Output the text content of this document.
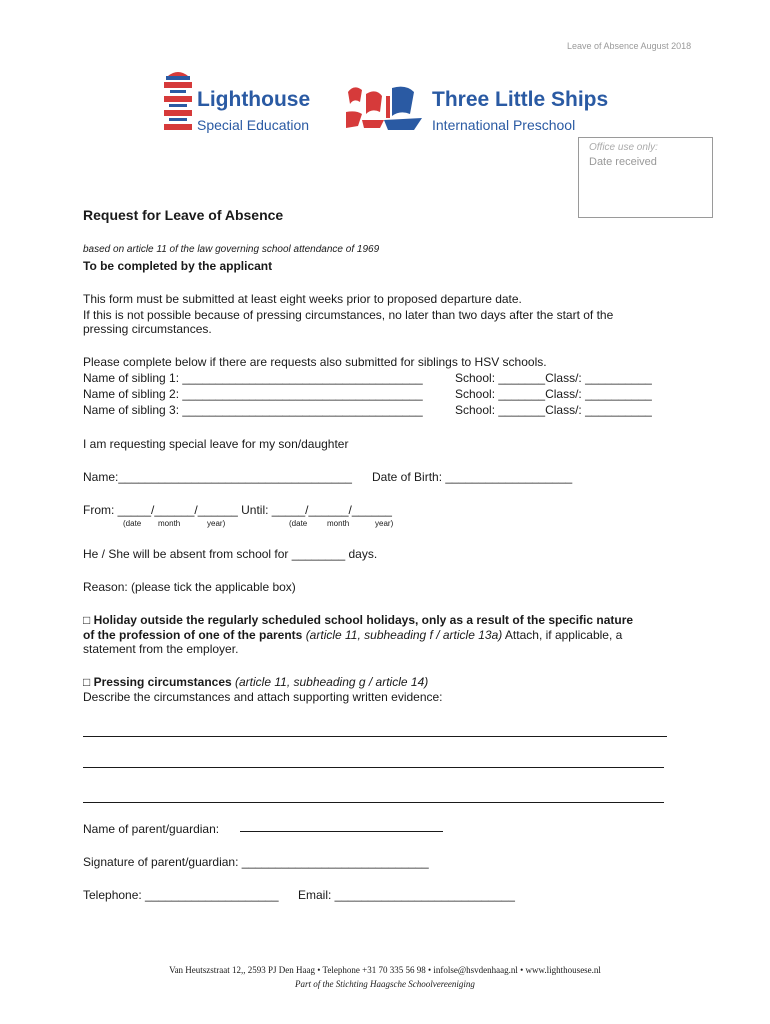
Leave of Absence August 2018
Lighthouse
Special Education
Three Little Ships
International Preschool
Office use only:
Date received
Request for Leave of Absence
based on article 11 of the law governing school attendance of 1969
To be completed by the applicant
This form must be submitted at least eight weeks prior to proposed departure date.
If this is not possible because of pressing circumstances, no later than two days after the start of the
pressing circumstances.
Please complete below if there are requests also submitted for siblings to HSV schools.
Name of sibling 1: ____________________________________	School: _______Class/: __________
Name of sibling 2: ____________________________________	School: _______Class/: __________
Name of sibling 3: ____________________________________	School: _______Class/: __________
I am requesting special leave for my son/daughter
Name:___________________________________ Date of Birth: ___________________
From: _____/______/______ Until: _____/______/______
(date month	year)	(date month	year)
He / She will be absent from school for ________ days.
Reason: (please tick the applicable box)
□ Holiday outside the regularly scheduled school holidays, only as a result of the specific nature
of the profession of one of the parents (article 11, subheading f / article 13a) Attach, if applicable, a
statement from the employer.
□ Pressing circumstances (article 11, subheading g / article 14)
Describe the circumstances and attach supporting written evidence:
Name of parent/guardian:
Signature of parent/guardian: ____________________________
Telephone: ____________________ Email: ___________________________
Van Heutszstraat 12,, 2593 PJ Den Haag • Telephone +31 70 335 56 98 • infolse@hsvdenhaag.nl • www.lighthousese.nl
Part of the Stichting Haagsche Schoolvereeniging
